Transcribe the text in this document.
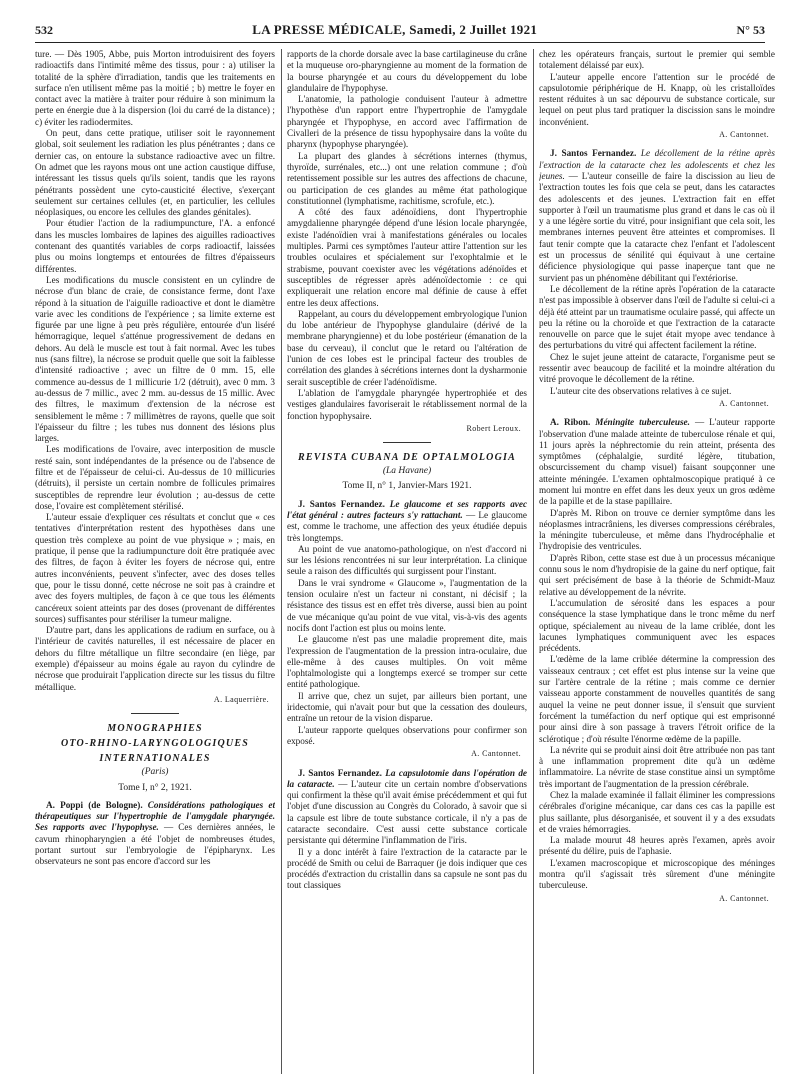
532	LA PRESSE MÉDICALE, Samedi, 2 Juillet 1921	N° 53

ture. — Dès 1905, Abbe, puis Morton introduisirent des foyers radioactifs dans l'intimité même des tissus, pour : a) utiliser la totalité de la sphère d'irradiation, tandis que les traitements en surface n'en utilisent même pas la moitié ; b) mettre le foyer en contact avec la matière à traiter pour réduire à son minimum la perte en énergie due à la dispersion (loi du carré de la distance) ; c) éviter les radiodermites.

On peut, dans cette pratique, utiliser soit le rayonnement global, soit seulement les radiation les plus pénétrantes ; dans ce dernier cas, on entoure la substance radioactive avec un filtre. On admet que les rayons mous ont une action caustique diffuse, intéressant les tissus quels qu'ils soient, tandis que les rayons pénétrants possèdent une cyto-causticité élective, s'exerçant seulement sur certaines cellules (et, en particulier, les cellules néoplasiques, ou encore les cellules des glandes génitales).

Pour étudier l'action de la radiumpuncture, l'A. a enfoncé dans les muscles lombaires de lapines des aiguilles radioactives contenant des quantités variables de corps radioactif, laissées plus ou moins longtemps et entourées de filtres d'épaisseurs différentes.

Les modifications du muscle consistent en un cylindre de nécrose d'un blanc de craie, de consistance ferme, dont l'axe répond à la situation de l'aiguille radioactive et dont le diamètre varie avec les conditions de l'expérience ; sa limite externe est figurée par une ligne à peu près régulière, entourée d'un liséré hémorragique, lequel s'atténue progressivement de dedans en dehors. Au delà le muscle est tout à fait normal. Avec les tubes nus (sans filtre), la nécrose se produit quelle que soit la faiblesse d'intensité radioactive ; avec un filtre de 0 mm. 15, elle commence au-dessus de 1 millicurie 1/2 (détruit), avec 0 mm. 3 au-dessus de 7 millic., avec 2 mm. au-dessus de 15 millic. Avec des filtres, le maximum d'extension de la nécrose est sensiblement le même : 7 millimètres de rayons, quelle que soit l'épaisseur du filtre ; les tubes nus donnent des lésions plus larges.

Les modifications de l'ovaire, avec interposition de muscle resté sain, sont indépendantes de la présence ou de l'absence de filtre et de l'épaisseur de celui-ci. Au-dessus de 10 millicuries (détruits), il persiste un certain nombre de follicules primaires susceptibles de reprendre leur évolution ; au-dessus de cette dose, l'ovaire est complètement stérilisé.

L'auteur essaie d'expliquer ces résultats et conclut que « ces tentatives d'interprétation restent des hypothèses dans une question très complexe au point de vue physique » ; mais, en pratique, il pense que la radiumpuncture doit être pratiquée avec des filtres, de façon à éviter les foyers de nécrose qui, entre autres inconvénients, peuvent s'infecter, avec des doses telles que, pour le tissu donné, cette nécrose ne soit pas à craindre et avec des foyers multiples, de façon à ce que tous les éléments cancéreux soient atteints par des doses (provenant de différentes sources) suffisantes pour stériliser la tumeur maligne.

D'autre part, dans les applications de radium en surface, ou à l'intérieur de cavités naturelles, il est nécessaire de placer en dehors du filtre métallique un filtre secondaire (en liège, par exemple) d'épaisseur au moins égale au rayon du cylindre de nécrose que produirait l'application directe sur les tissus du filtre métallique.

A. Laquerrière.
MONOGRAPHIES
OTO-RHINO-LARYNGOLOGIQUES
INTERNATIONALES
(Paris)
Tome I, n° 2, 1921.

A. Poppi (de Bologne). Considérations pathologiques et thérapeutiques sur l'hypertrophie de l'amygdale pharyngée. Ses rapports avec l'hypophyse. — Ces dernières années, le cavum rhinopharyngien a été l'objet de nombreuses études, portant surtout sur l'embryologie de l'épipharynx. Les observateurs ne sont pas encore d'accord sur les

rapports de la chorde dorsale avec la base cartilagineuse du crâne et la muqueuse oro-pharyngienne au moment de la formation de la bourse pharyngée et au cours du développement du lobe glandulaire de l'hypophyse.

L'anatomie, la pathologie conduisent l'auteur à admettre l'hypothèse d'un rapport entre l'hypertrophie de l'amygdale pharyngée et l'hypophyse, en accord avec l'affirmation de Civalleri de la présence de tissu hypophysaire dans la voûte du pharynx (hypophyse pharyngée).

La plupart des glandes à sécrétions internes (thymus, thyroïde, surrénales, etc...) ont une relation commune ; d'où retentissement possible sur les autres des affections de chacune, ou participation de ces glandes au même état pathologique constitutionnel (lymphatisme, rachitisme, scrofule, etc.).

A côté des faux adénoïdiens, dont l'hypertrophie amygdalienne pharyngée dépend d'une lésion locale pharyngée, existe l'adénoïdien vrai à manifestations générales ou locales multiples. Parmi ces symptômes l'auteur attire l'attention sur les troubles oculaires et spécialement sur l'exophtalmie et le strabisme, pouvant coexister avec les végétations adénoïdes et susceptibles de régresser après adénoïdectomie : ce qui expliquerait une relation encore mal définie de cause à effet entre les deux affections.

Rappelant, au cours du développement embryologique l'union du lobe antérieur de l'hypophyse glandulaire (dérivé de la membrane pharyngienne) et du lobe postérieur (émanation de la base du cerveau), il conclut que le retard ou l'altération de l'union de ces lobes est le principal facteur des troubles de corrélation des glandes à sécrétions internes dont la dysharmonie serait susceptible de créer l'adénoïdisme.

L'ablation de l'amygdale pharyngée hypertrophiée et des vestiges glandulaires favoriserait le rétablissement normal de la fonction hypophysaire.

Robert Leroux.
REVISTA CUBANA DE OPTALMOLOGIA
(La Havane)
Tome II, n° 1, Janvier-Mars 1921.

J. Santos Fernandez. Le glaucome et ses rapports avec l'état général : autres facteurs s'y rattachant. — Le glaucome est, comme le trachome, une affection des yeux étudiée depuis très longtemps.

Au point de vue anatomo-pathologique, on n'est d'accord ni sur les lésions rencontrées ni sur leur interprétation. La clinique seule a raison des difficultés qui surgissent pour l'instant.

Dans le vrai syndrome « Glaucome », l'augmentation de la tension oculaire n'est un facteur ni constant, ni décisif ; la résistance des tissus est en effet très diverse, aussi bien au point de vue mécanique qu'au point de vue vital, vis-à-vis des agents nocifs dont l'action est plus ou moins lente.

Le glaucome n'est pas une maladie proprement dite, mais l'expression de l'augmentation de la pression intra-oculaire, due elle-même à des causes multiples. On voit même l'ophtalmologiste qui a longtemps exercé se tromper sur cette entité pathologique.

Il arrive que, chez un sujet, par ailleurs bien portant, une iridectomie, qui n'avait pour but que la cessation des douleurs, entraîne un retour de la vision disparue.

L'auteur rapporte quelques observations pour confirmer son exposé.

A. Cantonnet.

J. Santos Fernandez. La capsulotomie dans l'opération de la cataracte. — L'auteur cite un certain nombre d'observations qui confirment la thèse qu'il avait émise précédemment et qui fut l'objet d'une discussion au Congrès du Colorado, à savoir que si la capsule est libre de toute substance corticale, il n'y a pas de cataracte secondaire. C'est aussi cette substance corticale persistante qui détermine l'inflammation de l'iris.

Il y a donc intérêt à faire l'extraction de la cataracte par le procédé de Smith ou celui de Barraquer (je dois indiquer que ces procédés d'extraction du cristallin dans sa capsule ne sont pas du tout classiques

chez les opérateurs français, surtout le premier qui semble totalement délaissé par eux).

L'auteur appelle encore l'attention sur le procédé de capsulotomie périphérique de H. Knapp, où les cristalloïdes restent réduites à un sac dépourvu de substance corticale, sur lequel on peut plus tard pratiquer la discission sans le moindre inconvénient.

A. Cantonnet.

J. Santos Fernandez. Le décollement de la rétine après l'extraction de la cataracte chez les adolescents et chez les jeunes. — L'auteur conseille de faire la discission au lieu de l'extraction toutes les fois que cela se peut, dans les cataractes des adolescents et des jeunes. L'extraction fait en effet supporter à l'œil un traumatisme plus grand et dans le cas où il y a une légère sortie du vitré, pour insignifiant que cela soit, les membranes internes peuvent être atteintes et compromises. Il faut tenir compte que la cataracte chez l'enfant et l'adolescent est un processus de sénilité qui équivaut à une certaine déficience physiologique qui passe inaperçue tant que ne survient pas un phénomène débilitant qui l'extériorise.

Le décollement de la rétine après l'opération de la cataracte n'est pas impossible à observer dans l'œil de l'adulte si celui-ci a déjà été atteint par un traumatisme oculaire passé, qui affecte un peu la rétine ou la choroïde et que l'extraction de la cataracte renouvelle on parce que le sujet était myope avec tendance à des perturbations du vitré qui affectent facilement la rétine.

Chez le sujet jeune atteint de cataracte, l'organisme peut se ressentir avec beaucoup de facilité et la moindre altération du vitré provoque le décollement de la rétine.

L'auteur cite des observations relatives à ce sujet.

A. Cantonnet.

A. Ribon. Méningite tuberculeuse. — L'auteur rapporte l'observation d'une malade atteinte de tuberculose rénale et qui, 11 jours après la néphrectomie du rein atteint, présenta des symptômes (céphalalgie, surdité légère, titubation, obscurcissement du champ visuel) faisant soupçonner une atteinte méningée. L'examen ophtalmoscopique pratiqué à ce moment lui montre en effet dans les deux yeux un gros œdème de la papille et de la stase papillaire.

D'après M. Ribon on trouve ce dernier symptôme dans les néoplasmes intracrâniens, les diverses compressions cérébrales, la méningite tuberculeuse, et même dans l'hydrocéphalie et l'hydropisie des ventricules.

D'après Ribon, cette stase est due à un processus mécanique connu sous le nom d'hydropisie de la gaine du nerf optique, fait qui sert précisément de base à la théorie de Schmidt-Mauz relative au développement de la névrite.

L'accumulation de sérosité dans les espaces a pour conséquence la stase lymphatique dans le tronc même du nerf optique, spécialement au niveau de la lame criblée, dont les lacunes lymphatiques communiquent avec les espaces précédents.

L'œdème de la lame criblée détermine la compression des vaisseaux centraux ; cet effet est plus intense sur la veine que sur l'artère centrale de la rétine ; mais comme ce dernier vaisseau apporte constamment de nouvelles quantités de sang auquel la veine ne peut donner issue, il s'ensuit que survient forcément la tuméfaction du nerf optique qui est emprisonné pour ainsi dire à son passage à travers l'étroit orifice de la sclérotique ; d'où résulte l'énorme œdème de la papille.

La névrite qui se produit ainsi doit être attribuée non pas tant à une inflammation proprement dite qu'à un œdème inflammatoire. La névrite de stase constitue ainsi un symptôme très important de l'augmentation de la pression cérébrale.

Chez la malade examinée il fallait éliminer les compressions cérébrales d'origine mécanique, car dans ces cas la papille est plus saillante, plus désorganisée, et souvent il y a des exsudats et de vraies hémorragies.

La malade mourut 48 heures après l'examen, après avoir présenté du délire, puis de l'aphasie.

L'examen macroscopique et microscopique des méninges montra qu'il s'agissait très sûrement d'une méningite tuberculeuse.

A. Cantonnet.
